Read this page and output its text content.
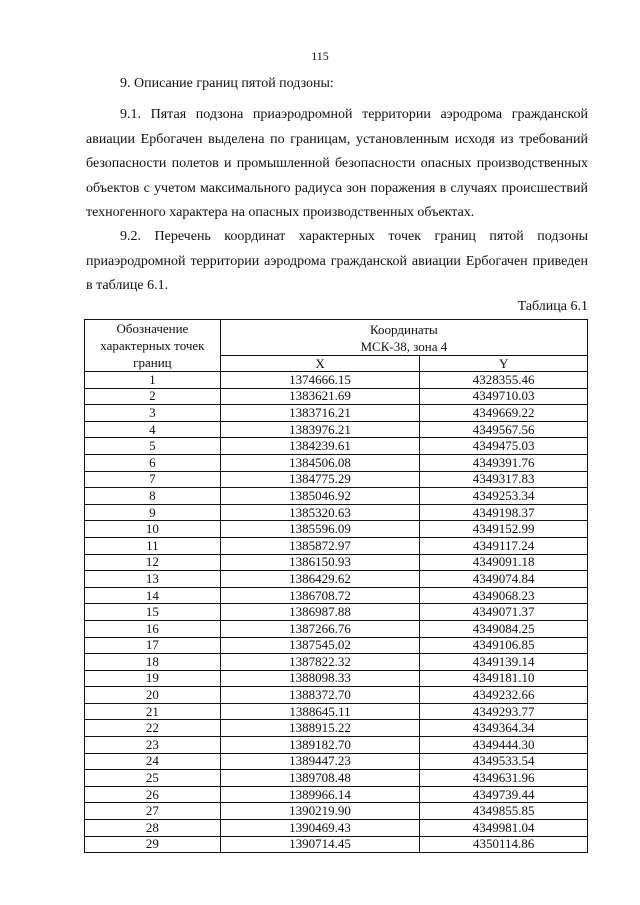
115
9. Описание границ пятой подзоны:
9.1. Пятая подзона приаэродромной территории аэродрома гражданской авиации Ербогачен выделена по границам, установленным исходя из требований безопасности полетов и промышленной безопасности опасных производственных объектов с учетом максимального радиуса зон поражения в случаях происшествий техногенного характера на опасных производственных объектах.
9.2. Перечень координат характерных точек границ пятой подзоны приаэродромной территории аэродрома гражданской авиации Ербогачен приведен в таблице 6.1.
Таблица 6.1
Обозначение характерных точек границ	Координаты
МСК-38, зона 4	

	X	Y
1	1374666.15	4328355.46
2	1383621.69	4349710.03
3	1383716.21	4349669.22
4	1383976.21	4349567.56
5	1384239.61	4349475.03
6	1384506.08	4349391.76
7	1384775.29	4349317.83
8	1385046.92	4349253.34
9	1385320.63	4349198.37
10	1385596.09	4349152.99
11	1385872.97	4349117.24
12	1386150.93	4349091.18
13	1386429.62	4349074.84
14	1386708.72	4349068.23
15	1386987.88	4349071.37
16	1387266.76	4349084.25
17	1387545.02	4349106.85
18	1387822.32	4349139.14
19	1388098.33	4349181.10
20	1388372.70	4349232.66
21	1388645.11	4349293.77
22	1388915.22	4349364.34
23	1389182.70	4349444.30
24	1389447.23	4349533.54
25	1389708.48	4349631.96
26	1389966.14	4349739.44
27	1390219.90	4349855.85
28	1390469.43	4349981.04
29	1390714.45	4350114.86
